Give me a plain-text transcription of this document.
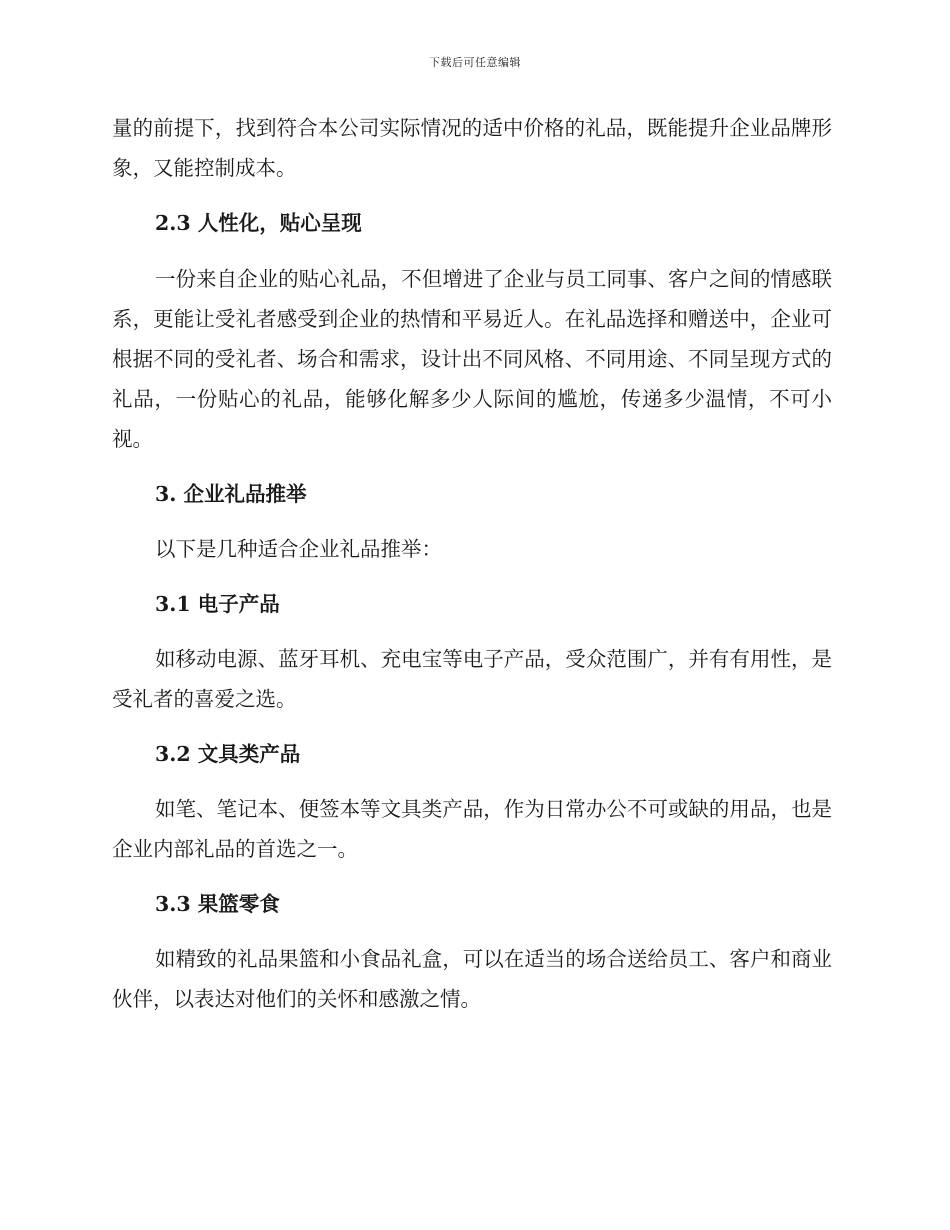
下载后可任意编辑

量的前提下，找到符合本公司实际情况的适中价格的礼品，既能提升企业品牌形象，又能控制成本。

2.3 人性化，贴心呈现

一份来自企业的贴心礼品，不但增进了企业与员工同事、客户之间的情感联系，更能让受礼者感受到企业的热情和平易近人。在礼品选择和赠送中，企业可根据不同的受礼者、场合和需求，设计出不同风格、不同用途、不同呈现方式的礼品，一份贴心的礼品，能够化解多少人际间的尴尬，传递多少温情，不可小视。

3. 企业礼品推举

以下是几种适合企业礼品推举：

3.1 电子产品

如移动电源、蓝牙耳机、充电宝等电子产品，受众范围广，并有有用性，是受礼者的喜爱之选。

3.2 文具类产品

如笔、笔记本、便签本等文具类产品，作为日常办公不可或缺的用品，也是企业内部礼品的首选之一。

3.3 果篮零食

如精致的礼品果篮和小食品礼盒，可以在适当的场合送给员工、客户和商业伙伴，以表达对他们的关怀和感激之情。
